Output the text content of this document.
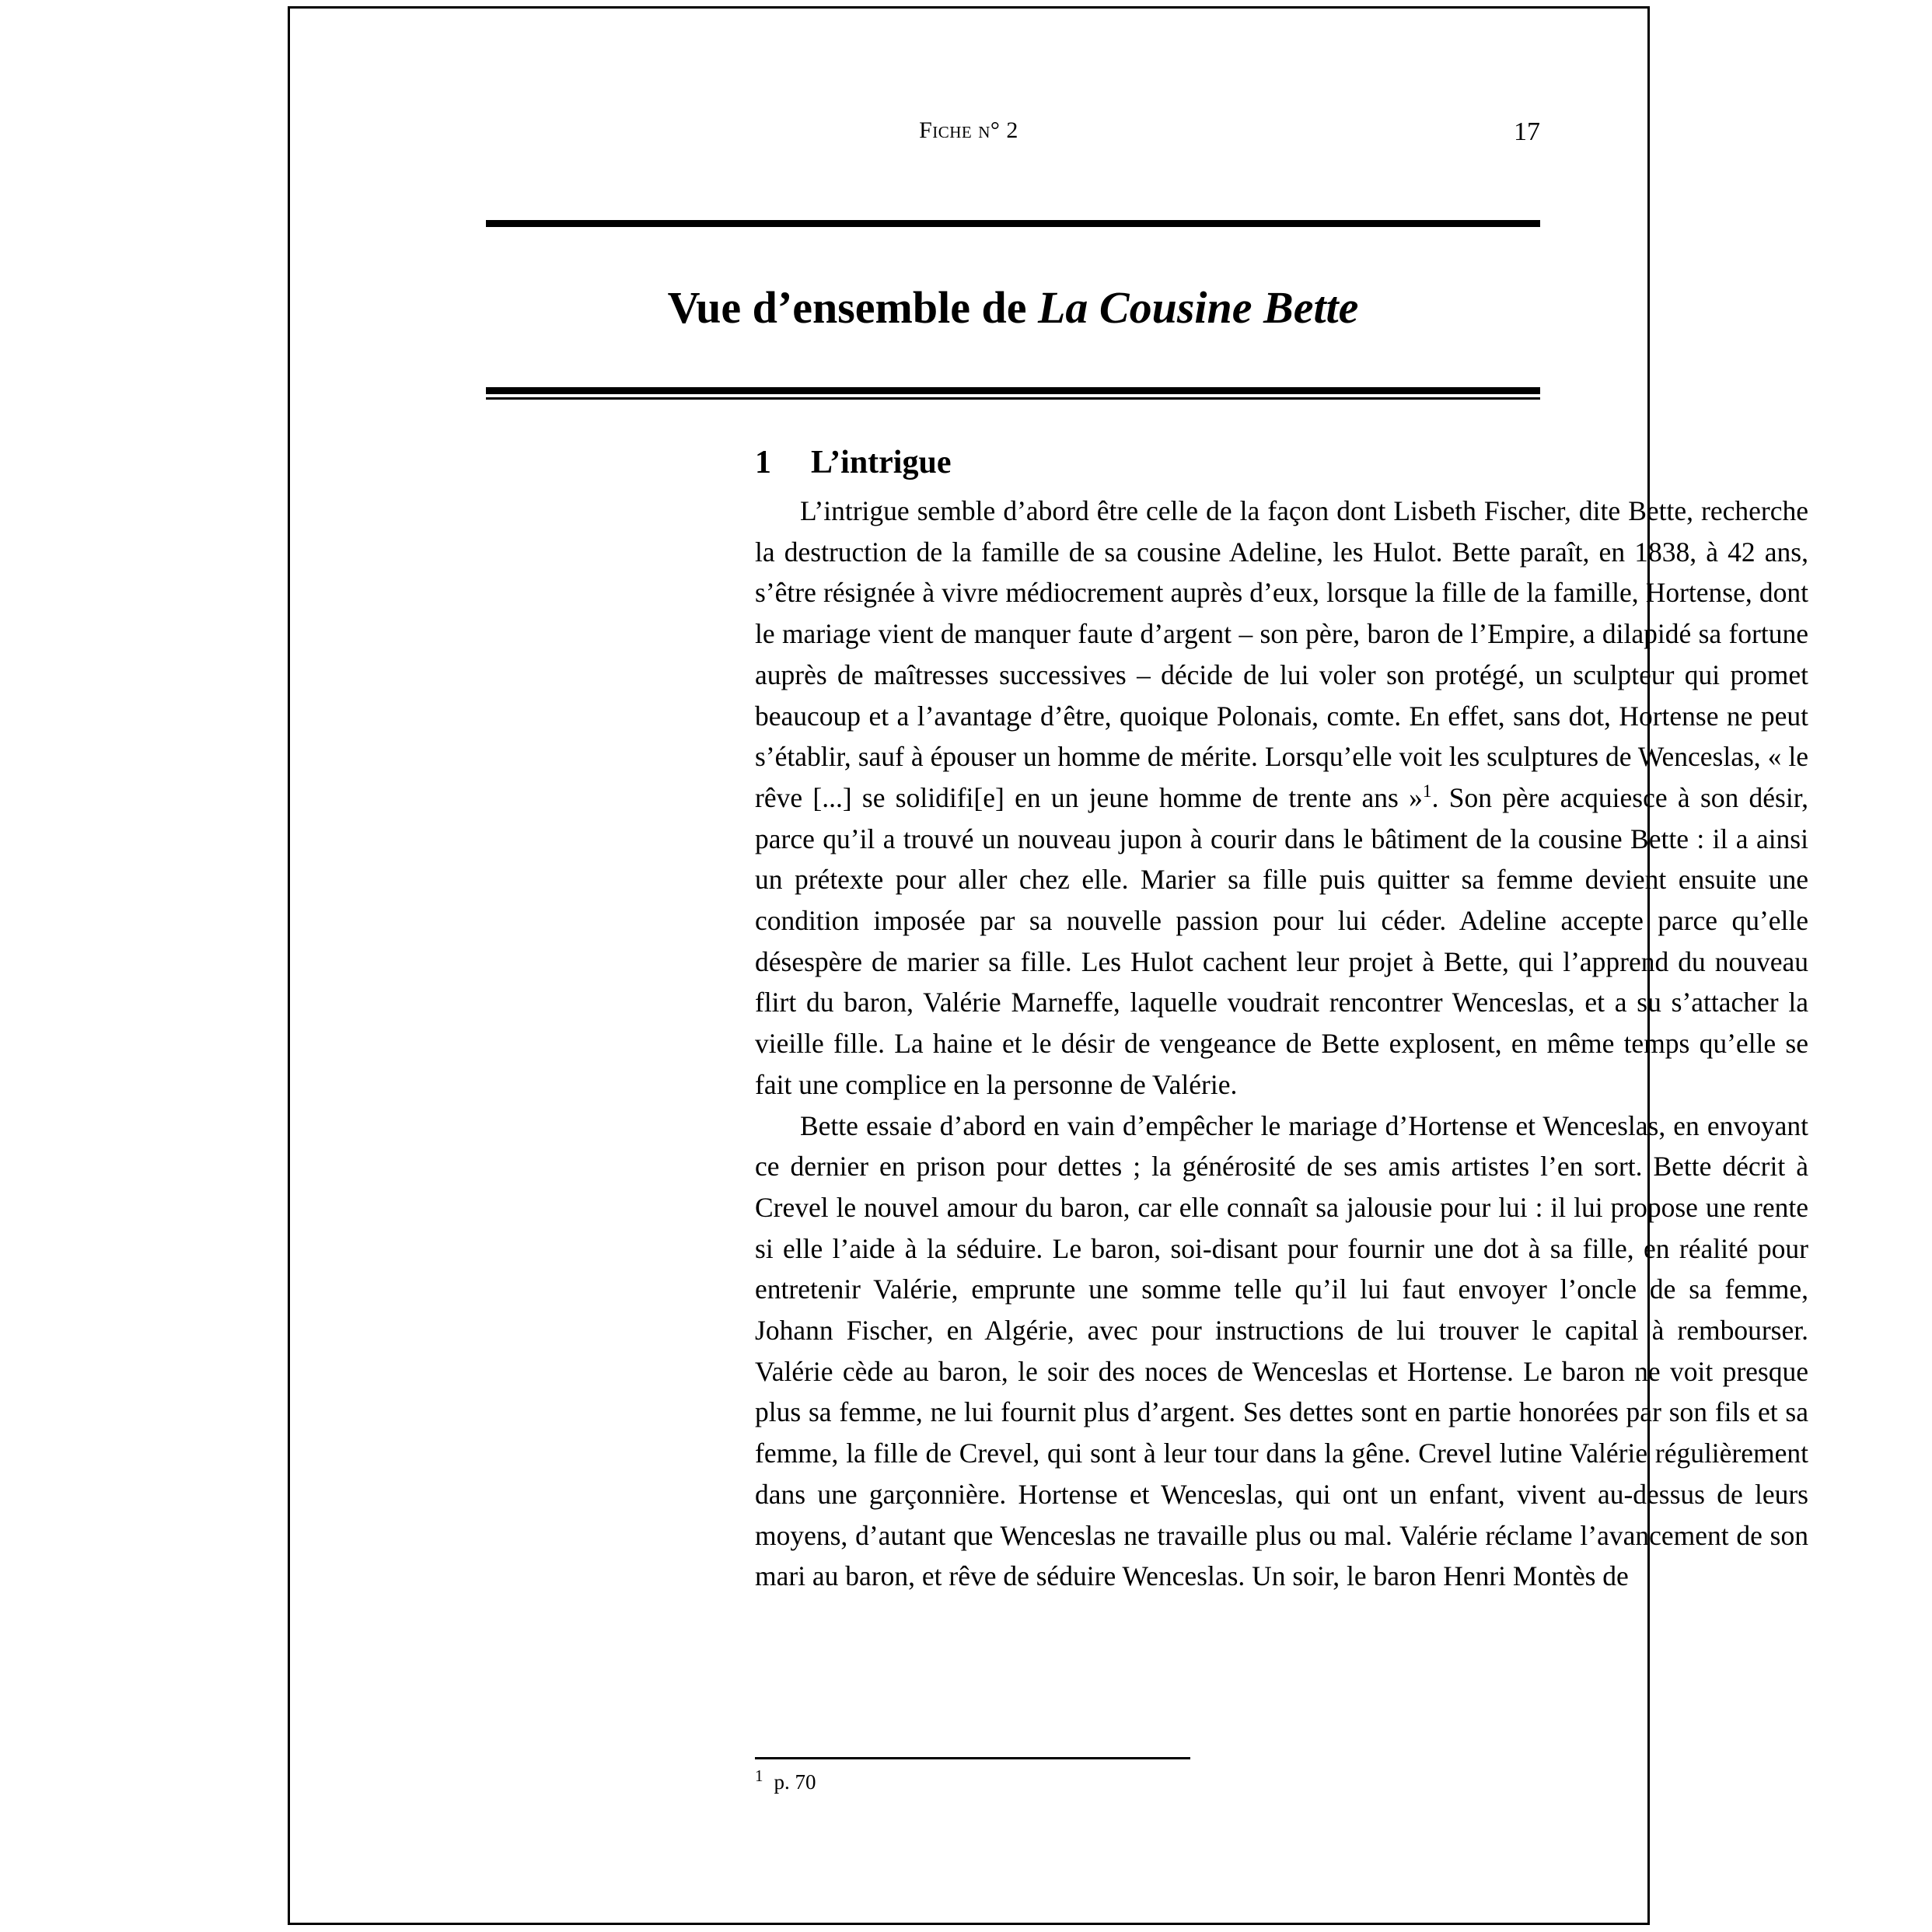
Fiche n° 2	17
Vue d’ensemble de La Cousine Bette
1 L’intrigue

L’intrigue semble d’abord être celle de la façon dont Lisbeth Fischer, dite Bette, recherche la destruction de la famille de sa cousine Adeline, les Hulot. Bette paraît, en 1838, à 42 ans, s’être résignée à vivre médiocrement auprès d’eux, lorsque la fille de la famille, Hortense, dont le mariage vient de manquer faute d’argent – son père, baron de l’Empire, a dilapidé sa fortune auprès de maîtresses successives – décide de lui voler son protégé, un sculpteur qui promet beaucoup et a l’avantage d’être, quoique Polonais, comte. En effet, sans dot, Hortense ne peut s’établir, sauf à épouser un homme de mérite. Lorsqu’elle voit les sculptures de Wenceslas, « le rêve [...] se solidifi[e] en un jeune homme de trente ans »$^1$. Son père acquiesce à son désir, parce qu’il a trouvé un nouveau jupon à courir dans le bâtiment de la cousine Bette : il a ainsi un prétexte pour aller chez elle. Marier sa fille puis quitter sa femme devient ensuite une condition imposée par sa nouvelle passion pour lui céder. Adeline accepte parce qu’elle désespère de marier sa fille. Les Hulot cachent leur projet à Bette, qui l’apprend du nouveau flirt du baron, Valérie Marneffe, laquelle voudrait rencontrer Wenceslas, et a su s’attacher la vieille fille. La haine et le désir de vengeance de Bette explosent, en même temps qu’elle se fait une complice en la personne de Valérie.

Bette essaie d’abord en vain d’empêcher le mariage d’Hortense et Wenceslas, en envoyant ce dernier en prison pour dettes ; la générosité de ses amis artistes l’en sort. Bette décrit à Crevel le nouvel amour du baron, car elle connaît sa jalousie pour lui : il lui propose une rente si elle l’aide à la séduire. Le baron, soi-disant pour fournir une dot à sa fille, en réalité pour entretenir Valérie, emprunte une somme telle qu’il lui faut envoyer l’oncle de sa femme, Johann Fischer, en Algérie, avec pour instructions de lui trouver le capital à rembourser. Valérie cède au baron, le soir des noces de Wenceslas et Hortense. Le baron ne voit presque plus sa femme, ne lui fournit plus d’argent. Ses dettes sont en partie honorées par son fils et sa femme, la fille de Crevel, qui sont à leur tour dans la gêne. Crevel lutine Valérie régulièrement dans une garçonnière. Hortense et Wenceslas, qui ont un enfant, vivent au-dessus de leurs moyens, d’autant que Wenceslas ne travaille plus ou mal. Valérie réclame l’avancement de son mari au baron, et rêve de séduire Wenceslas. Un soir, le baron Henri Montès de

$^1$ p. 70
